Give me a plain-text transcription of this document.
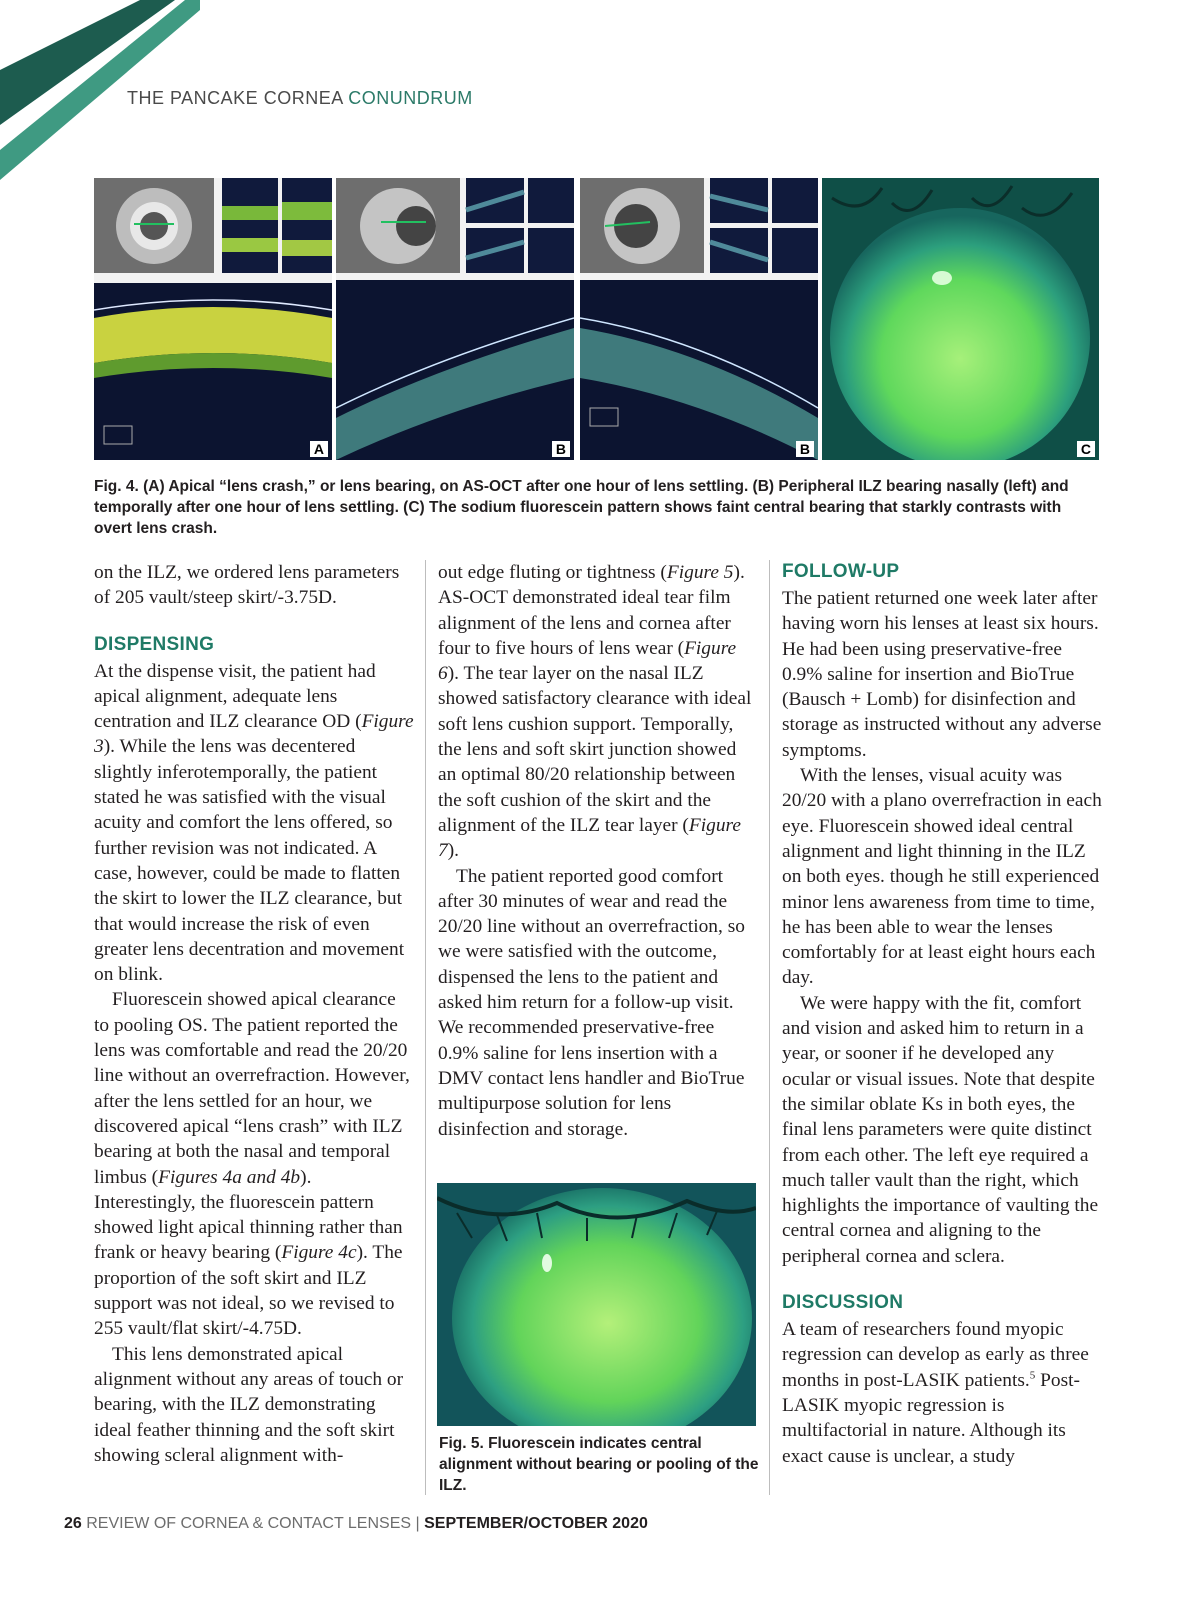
THE PANCAKE CORNEA CONUNDRUM
A	B	B	C
Fig. 4. (A) Apical “lens crash,” or lens bearing, on AS-OCT after one hour of lens settling. (B) Peripheral ILZ bearing nasally (left) and temporally after one hour of lens settling. (C) The sodium fluorescein pattern shows faint central bearing that starkly contrasts with overt lens crash.

on the ILZ, we ordered lens parameters of 205 vault/steep skirt/-3.75D.

DISPENSING

At the dispense visit, the patient had apical alignment, adequate lens centration and ILZ clearance OD (Figure 3). While the lens was decentered slightly inferotemporally, the patient stated he was satisfied with the visual acuity and comfort the lens offered, so further revision was not indicated. A case, however, could be made to flatten the skirt to lower the ILZ clearance, but that would increase the risk of even greater lens decentration and movement on blink.

Fluorescein showed apical clearance to pooling OS. The patient reported the lens was comfortable and read the 20/20 line without an overrefraction. However, after the lens settled for an hour, we discovered apical “lens crash” with ILZ bearing at both the nasal and temporal limbus (Figures 4a and 4b). Interestingly, the fluorescein pattern showed light apical thinning rather than frank or heavy bearing (Figure 4c). The proportion of the soft skirt and ILZ support was not ideal, so we revised to 255 vault/flat skirt/-4.75D.

This lens demonstrated apical alignment without any areas of touch or bearing, with the ILZ demonstrating ideal feather thinning and the soft skirt showing scleral alignment with-

out edge fluting or tightness (Figure 5). AS-OCT demonstrated ideal tear film alignment of the lens and cornea after four to five hours of lens wear (Figure 6). The tear layer on the nasal ILZ showed satisfactory clearance with ideal soft lens cushion support. Temporally, the lens and soft skirt junction showed an optimal 80/20 relationship between the soft cushion of the skirt and the alignment of the ILZ tear layer (Figure 7).

The patient reported good comfort after 30 minutes of wear and read the 20/20 line without an overrefraction, so we were satisfied with the outcome, dispensed the lens to the patient and asked him return for a follow-up visit. We recommended preservative-free 0.9% saline for lens insertion with a DMV contact lens handler and BioTrue multipurpose solution for lens disinfection and storage.

Fig. 5. Fluorescein indicates central alignment without bearing or pooling of the ILZ.
FOLLOW-UP

The patient returned one week later after having worn his lenses at least six hours. He had been using preservative-free 0.9% saline for insertion and BioTrue (Bausch + Lomb) for disinfection and storage as instructed without any adverse symptoms.

With the lenses, visual acuity was 20/20 with a plano overrefraction in each eye. Fluorescein showed ideal central alignment and light thinning in the ILZ on both eyes. though he still experienced minor lens awareness from time to time, he has been able to wear the lenses comfortably for at least eight hours each day.

We were happy with the fit, comfort and vision and asked him to return in a year, or sooner if he developed any ocular or visual issues. Note that despite the similar oblate Ks in both eyes, the final lens parameters were quite distinct from each other. The left eye required a much taller vault than the right, which highlights the importance of vaulting the central cornea and aligning to the peripheral cornea and sclera.

DISCUSSION

A team of researchers found myopic regression can develop as early as three months in post-LASIK patients.$^5$ Post-LASIK myopic regression is multifactorial in nature. Although its exact cause is unclear, a study

26 REVIEW OF CORNEA & CONTACT LENSES | SEPTEMBER/OCTOBER 2020
